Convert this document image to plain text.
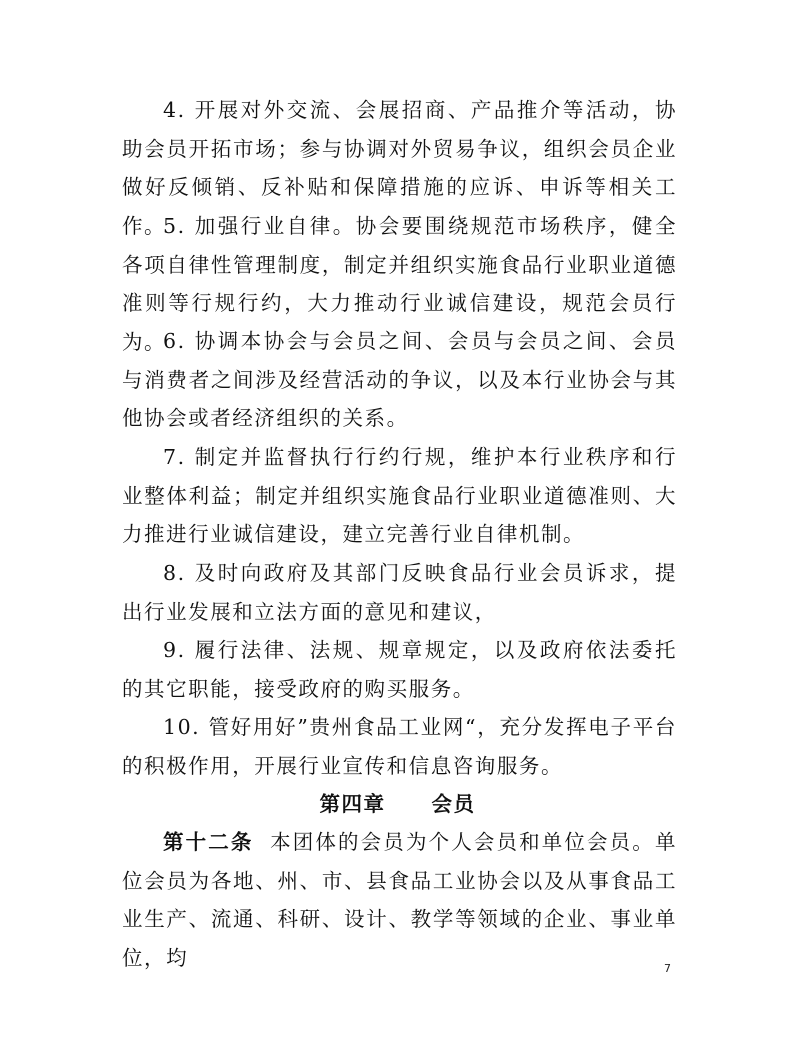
4. 开展对外交流、会展招商、产品推介等活动，协助会员开拓市场；参与协调对外贸易争议，组织会员企业做好反倾销、反补贴和保障措施的应诉、申诉等相关工作。

5. 加强行业自律。协会要围绕规范市场秩序，健全各项自律性管理制度，制定并组织实施食品行业职业道德准则等行规行约，大力推动行业诚信建设，规范会员行为。

6. 协调本协会与会员之间、会员与会员之间、会员与消费者之间涉及经营活动的争议，以及本行业协会与其他协会或者经济组织的关系。

7. 制定并监督执行行约行规，维护本行业秩序和行业整体利益；制定并组织实施食品行业职业道德准则、大力推进行业诚信建设，建立完善行业自律机制。

8. 及时向政府及其部门反映食品行业会员诉求，提出行业发展和立法方面的意见和建议，

9. 履行法律、法规、规章规定，以及政府依法委托的其它职能，接受政府的购买服务。

10. 管好用好”贵州食品工业网“，充分发挥电子平台的积极作用，开展行业宣传和信息咨询服务。

第四章 会员

第十二条 本团体的会员为个人会员和单位会员。单位会员为各地、州、市、县食品工业协会以及从事食品工业生产、流通、科研、设计、教学等领域的企业、事业单位，均	7
